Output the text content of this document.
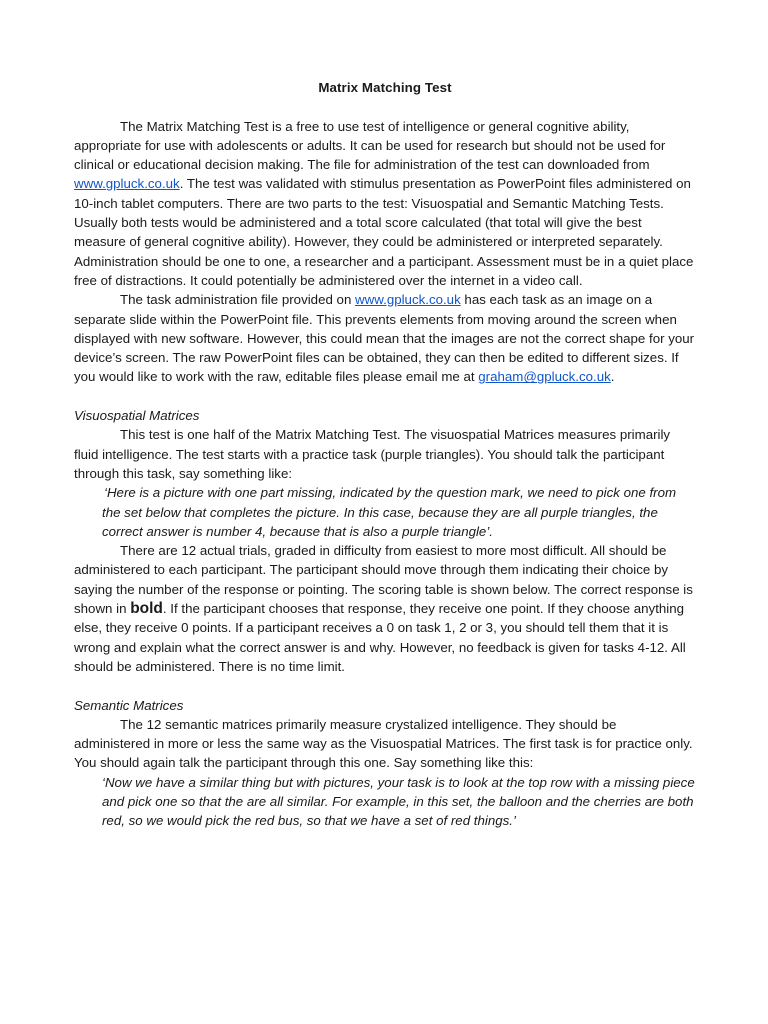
Matrix Matching Test

The Matrix Matching Test is a free to use test of intelligence or general cognitive ability, appropriate for use with adolescents or adults. It can be used for research but should not be used for clinical or educational decision making. The file for administration of the test can downloaded from www.gpluck.co.uk. The test was validated with stimulus presentation as PowerPoint files administered on 10-inch tablet computers. There are two parts to the test: Visuospatial and Semantic Matching Tests. Usually both tests would be administered and a total score calculated (that total will give the best measure of general cognitive ability). However, they could be administered or interpreted separately. Administration should be one to one, a researcher and a participant. Assessment must be in a quiet place free of distractions. It could potentially be administered over the internet in a video call.

The task administration file provided on www.gpluck.co.uk has each task as an image on a separate slide within the PowerPoint file. This prevents elements from moving around the screen when displayed with new software. However, this could mean that the images are not the correct shape for your device’s screen. The raw PowerPoint files can be obtained, they can then be edited to different sizes. If you would like to work with the raw, editable files please email me at graham@gpluck.co.uk.

Visuospatial Matrices

This test is one half of the Matrix Matching Test. The visuospatial Matrices measures primarily fluid intelligence. The test starts with a practice task (purple triangles). You should talk the participant through this task, say something like:

‘Here is a picture with one part missing, indicated by the question mark, we need to pick one from the set below that completes the picture. In this case, because they are all purple triangles, the correct answer is number 4, because that is also a purple triangle’.

There are 12 actual trials, graded in difficulty from easiest to more most difficult. All should be administered to each participant. The participant should move through them indicating their choice by saying the number of the response or pointing. The scoring table is shown below. The correct response is shown in bold. If the participant chooses that response, they receive one point. If they choose anything else, they receive 0 points. If a participant receives a 0 on task 1, 2 or 3, you should tell them that it is wrong and explain what the correct answer is and why. However, no feedback is given for tasks 4-12. All should be administered. There is no time limit.

Semantic Matrices

The 12 semantic matrices primarily measure crystalized intelligence. They should be administered in more or less the same way as the Visuospatial Matrices. The first task is for practice only. You should again talk the participant through this one. Say something like this:

‘Now we have a similar thing but with pictures, your task is to look at the top row with a missing piece and pick one so that the are all similar. For example, in this set, the balloon and the cherries are both red, so we would pick the red bus, so that we have a set of red things.’
